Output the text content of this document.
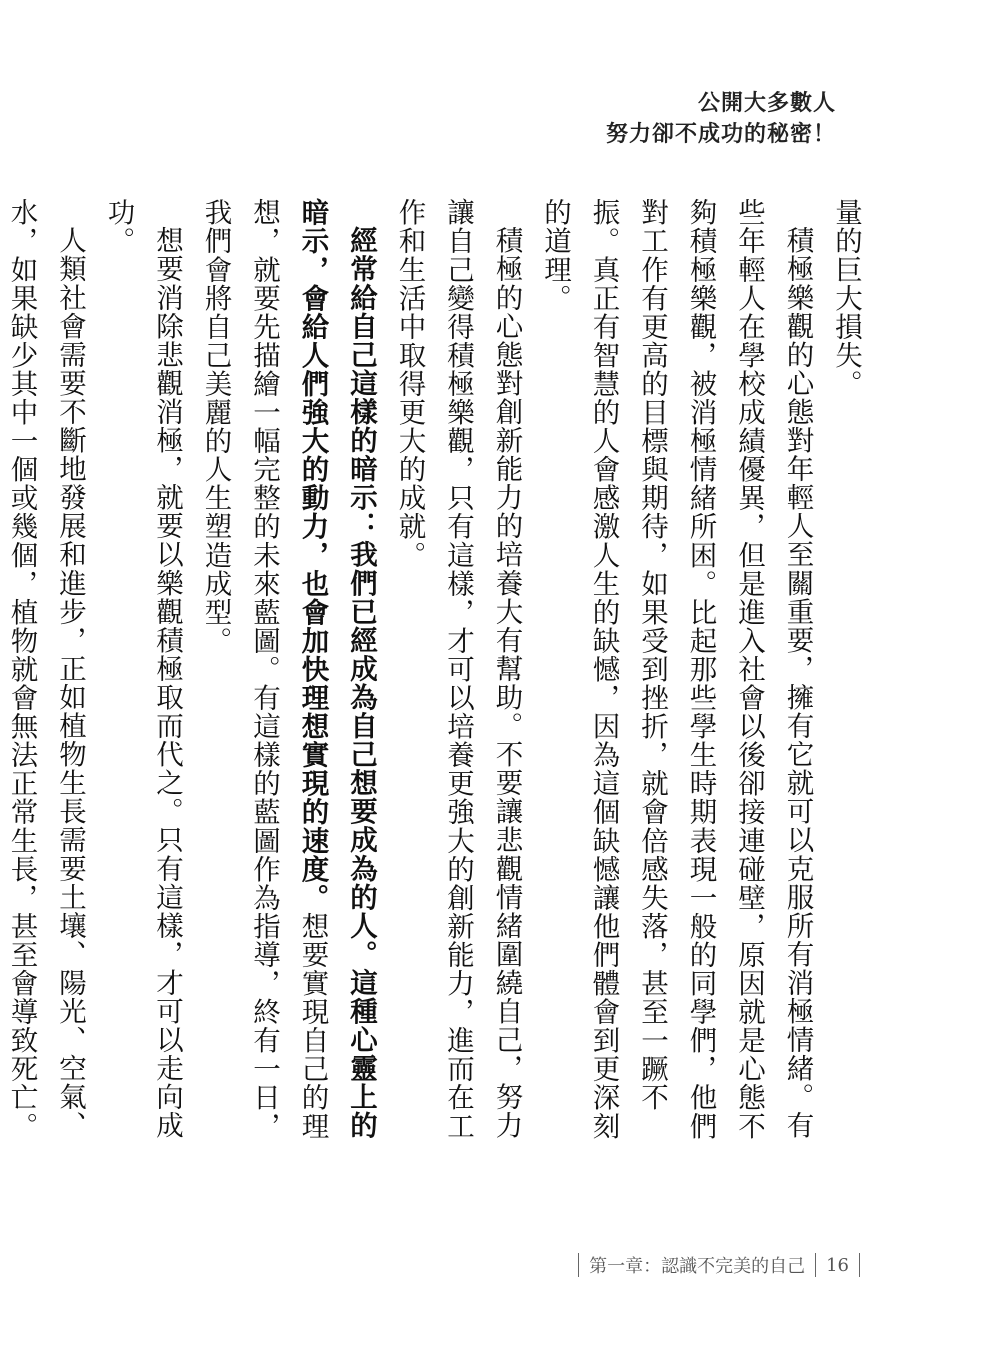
公開大多數人
努力卻不成功的秘密！

量的巨大損失。

積極樂觀的心態對年輕人至關重要，擁有它就可以克服所有消極情緒。有些年輕人在學校成績優異，但是進入社會以後卻接連碰壁，原因就是心態不夠積極樂觀，被消極情緒所困。比起那些學生時期表現一般的同學們，他們對工作有更高的目標與期待，如果受到挫折，就會倍感失落，甚至一蹶不振。真正有智慧的人會感激人生的缺憾，因為這個缺憾讓他們體會到更深刻的道理。

積極的心態對創新能力的培養大有幫助。不要讓悲觀情緒圍繞自己，努力讓自己變得積極樂觀，只有這樣，才可以培養更強大的創新能力，進而在工作和生活中取得更大的成就。

經常給自己這樣的暗示：我們已經成為自己想要成為的人。這種心靈上的暗示，會給人們強大的動力，也會加快理想實現的速度。想要實現自己的理想，就要先描繪一幅完整的未來藍圖。有這樣的藍圖作為指導，終有一日，我們會將自己美麗的人生塑造成型。

想要消除悲觀消極，就要以樂觀積極取而代之。只有這樣，才可以走向成功。

人類社會需要不斷地發展和進步，正如植物生長需要土壤、陽光、空氣、水，如果缺少其中一個或幾個，植物就會無法正常生長，甚至會導致死亡。

第一章：認識不完美的自己 16
